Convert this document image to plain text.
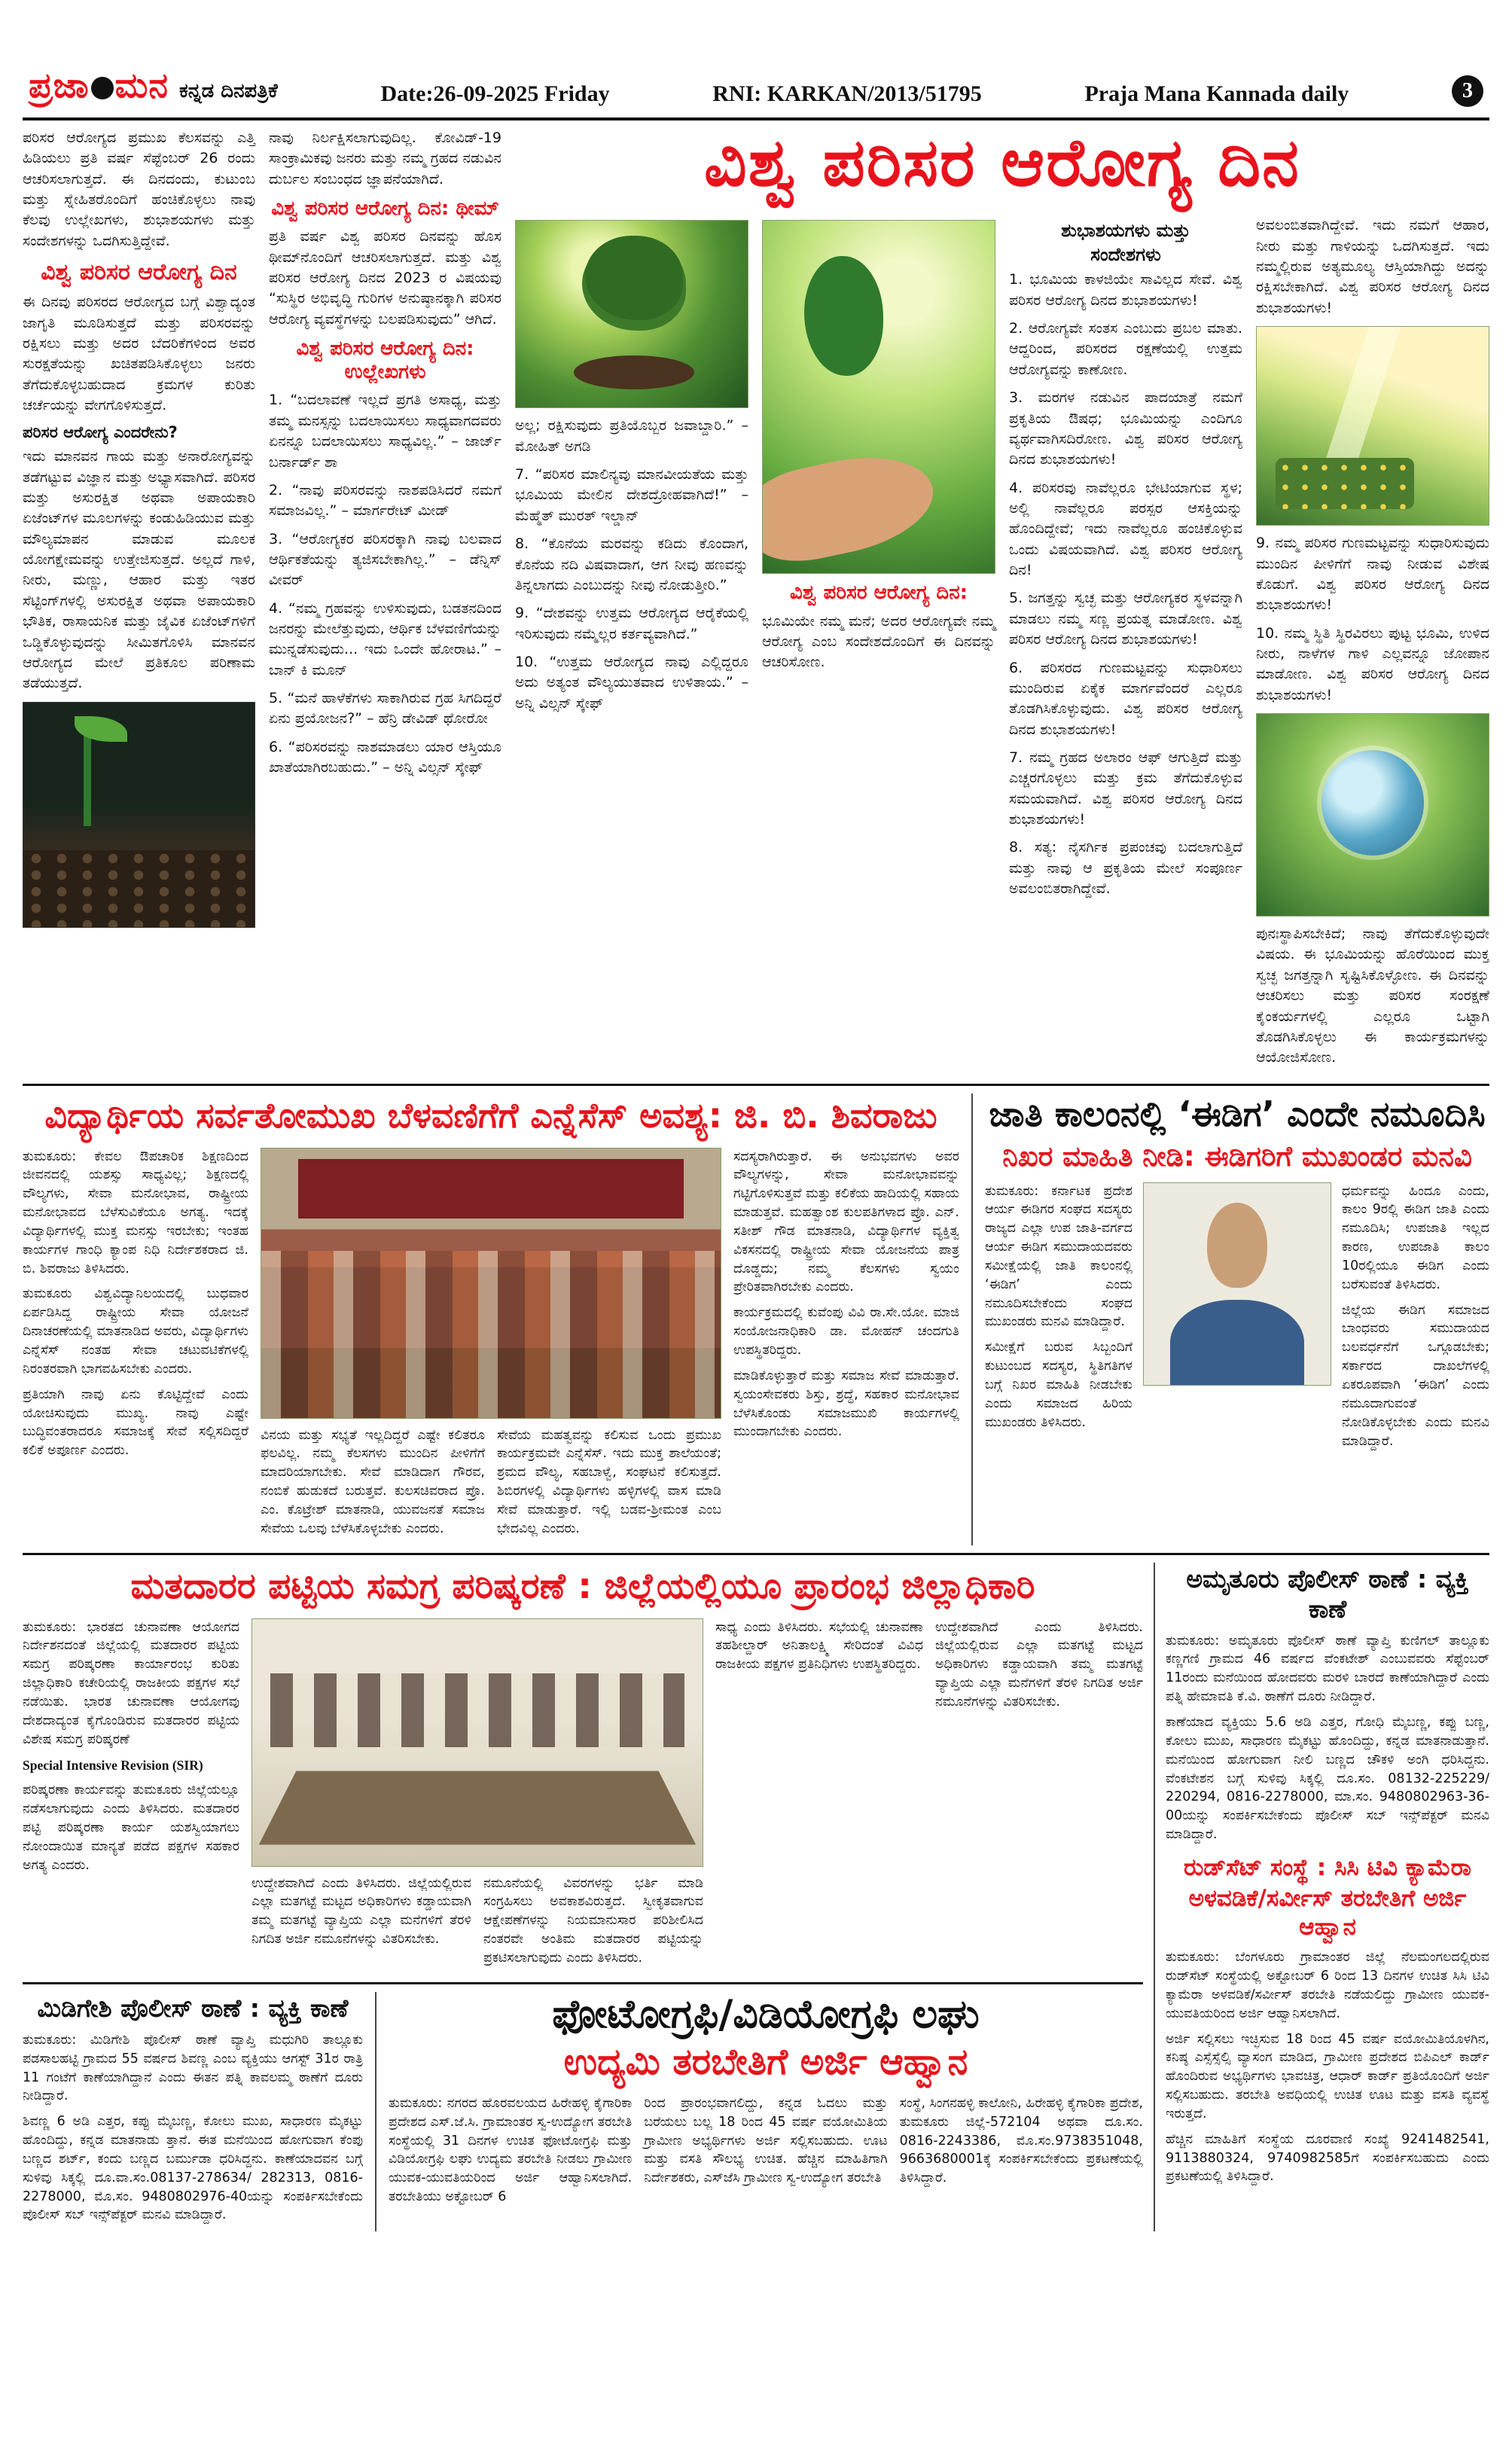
ಪ್ರಜಾ ಮನ ಕನ್ನಡ ದಿನಪತ್ರಿಕೆ	Date:26-09-2025 Friday	RNI: KARKAN/2013/51795	Praja Mana Kannada daily	3

ಪರಿಸರ ಆರೋಗ್ಯದ ಪ್ರಮುಖ ಕೆಲಸವನ್ನು ಎತ್ತಿ ಹಿಡಿಯಲು ಪ್ರತಿ ವರ್ಷ ಸೆಪ್ಟೆಂಬರ್ 26 ರಂದು ಆಚರಿಸಲಾಗುತ್ತದೆ. ಈ ದಿನದಂದು, ಕುಟುಂಬ ಮತ್ತು ಸ್ನೇಹಿತರೊಂದಿಗೆ ಹಂಚಿಕೊಳ್ಳಲು ನಾವು ಕೆಲವು ಉಲ್ಲೇಖಗಳು, ಶುಭಾಶಯಗಳು ಮತ್ತು ಸಂದೇಶಗಳನ್ನು ಒದಗಿಸುತ್ತಿದ್ದೇವೆ.

ವಿಶ್ವ ಪರಿಸರ ಆರೋಗ್ಯ ದಿನ

ಈ ದಿನವು ಪರಿಸರದ ಆರೋಗ್ಯದ ಬಗ್ಗೆ ವಿಶ್ವಾದ್ಯಂತ ಜಾಗೃತಿ ಮೂಡಿಸುತ್ತದೆ ಮತ್ತು ಪರಿಸರವನ್ನು ರಕ್ಷಿಸಲು ಮತ್ತು ಅದರ ಬೆದರಿಕೆಗಳಿಂದ ಅವರ ಸುರಕ್ಷತೆಯನ್ನು ಖಚಿತಪಡಿಸಿಕೊಳ್ಳಲು ಜನರು ತೆಗೆದುಕೊಳ್ಳಬಹುದಾದ ಕ್ರಮಗಳ ಕುರಿತು ಚರ್ಚೆಯನ್ನು ವೇಗಗೊಳಿಸುತ್ತದೆ.

ಪರಿಸರ ಆರೋಗ್ಯ ಎಂದರೇನು?

ಇದು ಮಾನವನ ಗಾಯ ಮತ್ತು ಅನಾರೋಗ್ಯವನ್ನು ತಡೆಗಟ್ಟುವ ವಿಜ್ಞಾನ ಮತ್ತು ಅಭ್ಯಾಸವಾಗಿದೆ. ಪರಿಸರ ಮತ್ತು ಅಸುರಕ್ಷಿತ ಅಥವಾ ಅಪಾಯಕಾರಿ ಏಜೆಂಟ್‌ಗಳ ಮೂಲಗಳನ್ನು ಕಂಡುಹಿಡಿಯುವ ಮತ್ತು ಮೌಲ್ಯಮಾಪನ ಮಾಡುವ ಮೂಲಕ ಯೋಗಕ್ಷೇಮವನ್ನು ಉತ್ತೇಜಿಸುತ್ತದೆ. ಅಲ್ಲದೆ ಗಾಳಿ, ನೀರು, ಮಣ್ಣು, ಆಹಾರ ಮತ್ತು ಇತರ ಸೆಟ್ಟಿಂಗ್‌ಗಳಲ್ಲಿ ಅಸುರಕ್ಷಿತ ಅಥವಾ ಅಪಾಯಕಾರಿ ಭೌತಿಕ, ರಾಸಾಯನಿಕ ಮತ್ತು ಜೈವಿಕ ಏಜೆಂಟ್‌ಗಳಿಗೆ ಒಡ್ಡಿಕೊಳ್ಳುವುದನ್ನು ಸೀಮಿತಗೊಳಿಸಿ ಮಾನವನ ಆರೋಗ್ಯದ ಮೇಲೆ ಪ್ರತಿಕೂಲ ಪರಿಣಾಮ ತಡೆಯುತ್ತದೆ.

ನಾವು ನಿರ್ಲಕ್ಷಿಸಲಾಗುವುದಿಲ್ಲ. ಕೋವಿಡ್-19 ಸಾಂಕ್ರಾಮಿಕವು ಜನರು ಮತ್ತು ನಮ್ಮ ಗ್ರಹದ ನಡುವಿನ ದುರ್ಬಲ ಸಂಬಂಧದ ಜ್ಞಾಪನೆಯಾಗಿದೆ.

ವಿಶ್ವ ಪರಿಸರ ಆರೋಗ್ಯ ದಿನ: ಥೀಮ್

ಪ್ರತಿ ವರ್ಷ ವಿಶ್ವ ಪರಿಸರ ದಿನವನ್ನು ಹೊಸ ಥೀಮ್‌ನೊಂದಿಗೆ ಆಚರಿಸಲಾಗುತ್ತದೆ. ಮತ್ತು ವಿಶ್ವ ಪರಿಸರ ಆರೋಗ್ಯ ದಿನದ 2023 ರ ವಿಷಯವು “ಸುಸ್ಥಿರ ಅಭಿವೃದ್ಧಿ ಗುರಿಗಳ ಅನುಷ್ಠಾನಕ್ಕಾಗಿ ಪರಿಸರ ಆರೋಗ್ಯ ವ್ಯವಸ್ಥೆಗಳನ್ನು ಬಲಪಡಿಸುವುದು” ಆಗಿದೆ.

ವಿಶ್ವ ಪರಿಸರ ಆರೋಗ್ಯ ದಿನ: ಉಲ್ಲೇಖಗಳು

1. “ಬದಲಾವಣೆ ಇಲ್ಲದೆ ಪ್ರಗತಿ ಅಸಾಧ್ಯ, ಮತ್ತು ತಮ್ಮ ಮನಸ್ಸನ್ನು ಬದಲಾಯಿಸಲು ಸಾಧ್ಯವಾಗದವರು ಏನನ್ನೂ ಬದಲಾಯಿಸಲು ಸಾಧ್ಯವಿಲ್ಲ.” – ಜಾರ್ಜ್ ಬರ್ನಾರ್ಡ್ ಶಾ

2. “ನಾವು ಪರಿಸರವನ್ನು ನಾಶಪಡಿಸಿದರೆ ನಮಗೆ ಸಮಾಜವಿಲ್ಲ.” – ಮಾರ್ಗರೇಟ್ ಮೀಡ್

3. “ಆರೋಗ್ಯಕರ ಪರಿಸರಕ್ಕಾಗಿ ನಾವು ಬಲವಾದ ಆರ್ಥಿಕತೆಯನ್ನು ತ್ಯಜಿಸಬೇಕಾಗಿಲ್ಲ.” – ಡೆನ್ನಿಸ್ ವೀವರ್

4. “ನಮ್ಮ ಗ್ರಹವನ್ನು ಉಳಿಸುವುದು, ಬಡತನದಿಂದ ಜನರನ್ನು ಮೇಲೆತ್ತುವುದು, ಆರ್ಥಿಕ ಬೆಳವಣಿಗೆಯನ್ನು ಮುನ್ನಡೆಸುವುದು... ಇದು ಒಂದೇ ಹೋರಾಟ.” – ಬಾನ್ ಕಿ ಮೂನ್

5. “ಮನೆ ಹಾಳೆಕೆಗಳು ಸಾಕಾಗಿರುವ ಗ್ರಹ ಸಿಗದಿದ್ದರೆ ಏನು ಪ್ರಯೋಜನ?” – ಹೆನ್ರಿ ಡೇವಿಡ್ ಥೋರೋ

6. “ಪರಿಸರವನ್ನು ನಾಶಮಾಡಲು ಯಾರ ಆಸ್ತಿಯೂ ಖಾತೆಯಾಗಿರಬಹುದು.” – ಅನ್ನಿ ವಿಲ್ಸನ್ ಸ್ಕೇಫ್

ವಿಶ್ವ ಪರಿಸರ ಆರೋಗ್ಯ ದಿನ

ಅಲ್ಲ; ರಕ್ಷಿಸುವುದು ಪ್ರತಿಯೊಬ್ಬರ ಜವಾಬ್ದಾರಿ.” – ಮೋಹಿತ್ ಅಗಡಿ

7. “ಪರಿಸರ ಮಾಲಿನ್ಯವು ಮಾನವೀಯತೆಯ ಮತ್ತು ಭೂಮಿಯ ಮೇಲಿನ ದೇಶದ್ರೋಹವಾಗಿದೆ!” – ಮೆಹ್ಮೆತ್ ಮುರತ್ ಇಲ್ಡಾನ್

8. “ಕೊನೆಯ ಮರವನ್ನು ಕಡಿದು ಕೊಂದಾಗ, ಕೊನೆಯ ನದಿ ವಿಷವಾದಾಗ, ಆಗ ನೀವು ಹಣವನ್ನು ತಿನ್ನಲಾಗದು ಎಂಬುದನ್ನು ನೀವು ನೋಡುತ್ತೀರಿ.”

9. “ದೇಶವನ್ನು ಉತ್ತಮ ಆರೋಗ್ಯದ ಆರೈಕೆಯಲ್ಲಿ ಇರಿಸುವುದು ನಮ್ಮೆಲ್ಲರ ಕರ್ತವ್ಯವಾಗಿದೆ.”

10. “ಉತ್ತಮ ಆರೋಗ್ಯದ ನಾವು ಎಲ್ಲಿದ್ದರೂ ಅದು ಅತ್ಯಂತ ವೌಲ್ಯಯುತವಾದ ಉಳಿತಾಯ.” – ಅನ್ನಿ ವಿಲ್ಸನ್ ಸ್ಕೇಫ್

ವಿಶ್ವ ಪರಿಸರ ಆರೋಗ್ಯ ದಿನ:

ಭೂಮಿಯೇ ನಮ್ಮ ಮನೆ; ಅದರ ಆರೋಗ್ಯವೇ ನಮ್ಮ ಆರೋಗ್ಯ ಎಂಬ ಸಂದೇಶದೊಂದಿಗೆ ಈ ದಿನವನ್ನು ಆಚರಿಸೋಣ.

ಶುಭಾಶಯಗಳು ಮತ್ತು
ಸಂದೇಶಗಳು

1. ಭೂಮಿಯ ಕಾಳಜಿಯೇ ಸಾವಿಲ್ಲದ ಸೇವೆ. ವಿಶ್ವ ಪರಿಸರ ಆರೋಗ್ಯ ದಿನದ ಶುಭಾಶಯಗಳು!

2. ಆರೋಗ್ಯವೇ ಸಂತಸ ಎಂಬುದು ಪ್ರಬಲ ಮಾತು. ಆದ್ದರಿಂದ, ಪರಿಸರದ ರಕ್ಷಣೆಯಲ್ಲಿ ಉತ್ತಮ ಆರೋಗ್ಯವನ್ನು ಕಾಣೋಣ.

3. ಮರಗಳ ನಡುವಿನ ಪಾದಯಾತ್ರೆ ನಮಗೆ ಪ್ರಕೃತಿಯ ಔಷಧ; ಭೂಮಿಯನ್ನು ಎಂದಿಗೂ ವ್ಯರ್ಥವಾಗಿಸದಿರೋಣ. ವಿಶ್ವ ಪರಿಸರ ಆರೋಗ್ಯ ದಿನದ ಶುಭಾಶಯಗಳು!

4. ಪರಿಸರವು ನಾವೆಲ್ಲರೂ ಭೇಟಿಯಾಗುವ ಸ್ಥಳ; ಅಲ್ಲಿ ನಾವೆಲ್ಲರೂ ಪರಸ್ಪರ ಆಸಕ್ತಿಯನ್ನು ಹೊಂದಿದ್ದೇವೆ; ಇದು ನಾವೆಲ್ಲರೂ ಹಂಚಿಕೊಳ್ಳುವ ಒಂದು ವಿಷಯವಾಗಿದೆ. ವಿಶ್ವ ಪರಿಸರ ಆರೋಗ್ಯ ದಿನ!

5. ಜಗತ್ತನ್ನು ಸ್ವಚ್ಛ ಮತ್ತು ಆರೋಗ್ಯಕರ ಸ್ಥಳವನ್ನಾಗಿ ಮಾಡಲು ನಮ್ಮ ಸಣ್ಣ ಪ್ರಯತ್ನ ಮಾಡೋಣ. ವಿಶ್ವ ಪರಿಸರ ಆರೋಗ್ಯ ದಿನದ ಶುಭಾಶಯಗಳು!

6. ಪರಿಸರದ ಗುಣಮಟ್ಟವನ್ನು ಸುಧಾರಿಸಲು ಮುಂದಿರುವ ಏಕೈಕ ಮಾರ್ಗವೆಂದರೆ ಎಲ್ಲರೂ ತೊಡಗಿಸಿಕೊಳ್ಳುವುದು. ವಿಶ್ವ ಪರಿಸರ ಆರೋಗ್ಯ ದಿನದ ಶುಭಾಶಯಗಳು!

7. ನಮ್ಮ ಗ್ರಹದ ಅಲಾರಂ ಆಫ್ ಆಗುತ್ತಿದೆ ಮತ್ತು ಎಚ್ಚರಗೊಳ್ಳಲು ಮತ್ತು ಕ್ರಮ ತೆಗೆದುಕೊಳ್ಳುವ ಸಮಯವಾಗಿದೆ. ವಿಶ್ವ ಪರಿಸರ ಆರೋಗ್ಯ ದಿನದ ಶುಭಾಶಯಗಳು!

8. ಸತ್ಯ: ನೈಸರ್ಗಿಕ ಪ್ರಪಂಚವು ಬದಲಾಗುತ್ತಿದೆ ಮತ್ತು ನಾವು ಆ ಪ್ರಕೃತಿಯ ಮೇಲೆ ಸಂಪೂರ್ಣ ಅವಲಂಬಿತರಾಗಿದ್ದೇವೆ.

ಅವಲಂಬಿತವಾಗಿದ್ದೇವೆ. ಇದು ನಮಗೆ ಆಹಾರ, ನೀರು ಮತ್ತು ಗಾಳಿಯನ್ನು ಒದಗಿಸುತ್ತದೆ. ಇದು ನಮ್ಮಲ್ಲಿರುವ ಅತ್ಯಮೂಲ್ಯ ಆಸ್ತಿಯಾಗಿದ್ದು ಅದನ್ನು ರಕ್ಷಿಸಬೇಕಾಗಿದೆ. ವಿಶ್ವ ಪರಿಸರ ಆರೋಗ್ಯ ದಿನದ ಶುಭಾಶಯಗಳು!

9. ನಮ್ಮ ಪರಿಸರ ಗುಣಮಟ್ಟವನ್ನು ಸುಧಾರಿಸುವುದು ಮುಂದಿನ ಪೀಳಿಗೆಗೆ ನಾವು ನೀಡುವ ವಿಶೇಷ ಕೊಡುಗೆ. ವಿಶ್ವ ಪರಿಸರ ಆರೋಗ್ಯ ದಿನದ ಶುಭಾಶಯಗಳು!

10. ನಮ್ಮ ಸ್ಥಿತಿ ಸ್ಥಿರವಿರಲು ಪುಟ್ಟ ಭೂಮಿ, ಉಳಿದ ನೀರು, ನಾಳೆಗಳ ಗಾಳಿ ಎಲ್ಲವನ್ನೂ ಜೋಪಾನ ಮಾಡೋಣ. ವಿಶ್ವ ಪರಿಸರ ಆರೋಗ್ಯ ದಿನದ ಶುಭಾಶಯಗಳು!

ಪುನಃಸ್ಥಾಪಿಸಬೇಕಿದೆ; ನಾವು ತೆಗೆದುಕೊಳ್ಳುವುದೇ ವಿಷಯ. ಈ ಭೂಮಿಯನ್ನು ಹೊರೆಯಿಂದ ಮುಕ್ತ ಸ್ವಚ್ಛ ಜಗತ್ತನ್ನಾಗಿ ಸೃಷ್ಟಿಸಿಕೊಳ್ಳೋಣ. ಈ ದಿನವನ್ನು ಆಚರಿಸಲು ಮತ್ತು ಪರಿಸರ ಸಂರಕ್ಷಣೆ ಕೈಂಕರ್ಯಗಳಲ್ಲಿ ಎಲ್ಲರೂ ಒಟ್ಟಾಗಿ ತೊಡಗಿಸಿಕೊಳ್ಳಲು ಈ ಕಾರ್ಯಕ್ರಮಗಳನ್ನು ಆಯೋಜಿಸೋಣ.

ವಿದ್ಯಾರ್ಥಿಯ ಸರ್ವತೋಮುಖ ಬೆಳವಣಿಗೆಗೆ ಎನ್ನೆಸೆಸ್ ಅವಶ್ಯ: ಜಿ. ಬಿ. ಶಿವರಾಜು

ತುಮಕೂರು: ಕೇವಲ ಔಪಚಾರಿಕ ಶಿಕ್ಷಣದಿಂದ ಜೀವನದಲ್ಲಿ ಯಶಸ್ಸು ಸಾಧ್ಯವಿಲ್ಲ; ಶಿಕ್ಷಣದಲ್ಲಿ ವೌಲ್ಯಗಳು, ಸೇವಾ ಮನೋಭಾವ, ರಾಷ್ಟ್ರೀಯ ಮನೋಭಾವದ ಬೆಳೆಸುವಿಕೆಯೂ ಅಗತ್ಯ. ಇದಕ್ಕೆ ವಿದ್ಯಾರ್ಥಿಗಳಲ್ಲಿ ಮುಕ್ತ ಮನಸ್ಸು ಇರಬೇಕು; ಇಂತಹ ಕಾರ್ಯಗಳ ಗಾಂಧಿ ಕ್ಯಾಂಪ ನಿಧಿ ನಿರ್ದೇಶಕರಾದ ಜಿ. ಬಿ. ಶಿವರಾಜು ತಿಳಿಸಿದರು.

ತುಮಕೂರು ವಿಶ್ವವಿದ್ಯಾನಿಲಯದಲ್ಲಿ ಬುಧವಾರ ಏರ್ಪಡಿಸಿದ್ದ ರಾಷ್ಟ್ರೀಯ ಸೇವಾ ಯೋಜನೆ ದಿನಾಚರಣೆಯಲ್ಲಿ ಮಾತನಾಡಿದ ಅವರು, ವಿದ್ಯಾರ್ಥಿಗಳು ಎನ್ನೆಸೆಸ್ ನಂತಹ ಸೇವಾ ಚಟುವಟಿಕೆಗಳಲ್ಲಿ ನಿರಂತರವಾಗಿ ಭಾಗವಹಿಸಬೇಕು ಎಂದರು.

ಪ್ರತಿಯಾಗಿ ನಾವು ಏನು ಕೊಟ್ಟಿದ್ದೇವೆ ಎಂದು ಯೋಚಿಸುವುದು ಮುಖ್ಯ. ನಾವು ಎಷ್ಟೇ ಬುದ್ಧಿವಂತರಾದರೂ ಸಮಾಜಕ್ಕೆ ಸೇವೆ ಸಲ್ಲಿಸದಿದ್ದರೆ ಕಲಿಕೆ ಅಪೂರ್ಣ ಎಂದರು.

ವಿನಯ ಮತ್ತು ಸಭ್ಯತೆ ಇಲ್ಲದಿದ್ದರೆ ಎಷ್ಟೇ ಕಲಿತರೂ ಫಲವಿಲ್ಲ. ನಮ್ಮ ಕೆಲಸಗಳು ಮುಂದಿನ ಪೀಳಿಗೆಗೆ ಮಾದರಿಯಾಗಬೇಕು. ಸೇವೆ ಮಾಡಿದಾಗ ಗೌರವ, ನಂಬಿಕೆ ಹುಡುಕದೆ ಬರುತ್ತವೆ. ಕುಲಸಚಿವರಾದ ಪ್ರೊ. ಎಂ. ಕೊಟ್ರೇಶ್ ಮಾತನಾಡಿ, ಯುವಜನತೆ ಸಮಾಜ ಸೇವೆಯ ಒಲವು ಬೆಳೆಸಿಕೊಳ್ಳಬೇಕು ಎಂದರು.

ಸೇವೆಯ ಮಹತ್ವವನ್ನು ಕಲಿಸುವ ಒಂದು ಪ್ರಮುಖ ಕಾರ್ಯಕ್ರಮವೇ ಎನ್ನೆಸೆಸ್. ಇದು ಮುಕ್ತ ಶಾಲೆಯಂತೆ; ಶ್ರಮದ ವೌಲ್ಯ, ಸಹಬಾಳ್ವೆ, ಸಂಘಟನೆ ಕಲಿಸುತ್ತದೆ. ಶಿಬಿರಗಳಲ್ಲಿ ವಿದ್ಯಾರ್ಥಿಗಳು ಹಳ್ಳಿಗಳಲ್ಲಿ ವಾಸ ಮಾಡಿ ಸೇವೆ ಮಾಡುತ್ತಾರೆ. ಇಲ್ಲಿ ಬಡವ-ಶ್ರೀಮಂತ ಎಂಬ ಭೇದವಿಲ್ಲ ಎಂದರು.

ಸದಸ್ಯರಾಗಿರುತ್ತಾರೆ. ಈ ಅನುಭವಗಳು ಅವರ ವೌಲ್ಯಗಳನ್ನು, ಸೇವಾ ಮನೋಭಾವವನ್ನು ಗಟ್ಟಿಗೊಳಿಸುತ್ತವೆ ಮತ್ತು ಕಲಿಕೆಯ ಹಾದಿಯಲ್ಲಿ ಸಹಾಯ ಮಾಡುತ್ತವೆ. ಮಹತ್ವಾಂಶ ಕುಲಪತಿಗಳಾದ ಪ್ರೊ. ಎನ್. ಸತೀಶ್ ಗೌಡ ಮಾತನಾಡಿ, ವಿದ್ಯಾರ್ಥಿಗಳ ವ್ಯಕ್ತಿತ್ವ ವಿಕಸನದಲ್ಲಿ ರಾಷ್ಟ್ರೀಯ ಸೇವಾ ಯೋಜನೆಯ ಪಾತ್ರ ದೊಡ್ಡದು; ನಮ್ಮ ಕೆಲಸಗಳು ಸ್ವಯಂ ಪ್ರೇರಿತವಾಗಿರಬೇಕು ಎಂದರು.

ಕಾರ್ಯಕ್ರಮದಲ್ಲಿ ಕುವೆಂಪು ವಿವಿ ರಾ.ಸೇ.ಯೋ. ಮಾಜಿ ಸಂಯೋಜನಾಧಿಕಾರಿ ಡಾ. ಮೋಹನ್ ಚಂದಗುತಿ ಉಪಸ್ಥಿತರಿದ್ದರು.

ಮಾಡಿಕೊಳ್ಳುತ್ತಾರೆ ಮತ್ತು ಸಮಾಜ ಸೇವೆ ಮಾಡುತ್ತಾರೆ. ಸ್ವಯಂಸೇವಕರು ಶಿಸ್ತು, ಶ್ರದ್ಧೆ, ಸಹಕಾರ ಮನೋಭಾವ ಬೆಳೆಸಿಕೊಂಡು ಸಮಾಜಮುಖಿ ಕಾರ್ಯಗಳಲ್ಲಿ ಮುಂದಾಗಬೇಕು ಎಂದರು.

ಜಾತಿ ಕಾಲಂನಲ್ಲಿ ‘ಈಡಿಗ’ ಎಂದೇ ನಮೂದಿಸಿ
ನಿಖರ ಮಾಹಿತಿ ನೀಡಿ: ಈಡಿಗರಿಗೆ ಮುಖಂಡರ ಮನವಿ

ತುಮಕೂರು: ಕರ್ನಾಟಕ ಪ್ರದೇಶ ಆರ್ಯ ಈಡಿಗರ ಸಂಘದ ಸದಸ್ಯರು ರಾಜ್ಯದ ಎಲ್ಲಾ ಉಪ ಜಾತಿ-ವರ್ಗದ ಆರ್ಯ ಈಡಿಗ ಸಮುದಾಯದವರು ಸಮೀಕ್ಷೆಯಲ್ಲಿ ಜಾತಿ ಕಾಲಂನಲ್ಲಿ ‘ಈಡಿಗ’ ಎಂದು ನಮೂದಿಸಬೇಕೆಂದು ಸಂಘದ ಮುಖಂಡರು ಮನವಿ ಮಾಡಿದ್ದಾರೆ.

ಸಮೀಕ್ಷೆಗೆ ಬರುವ ಸಿಬ್ಬಂದಿಗೆ ಕುಟುಂಬದ ಸದಸ್ಯರ, ಸ್ಥಿತಿಗತಿಗಳ ಬಗ್ಗೆ ನಿಖರ ಮಾಹಿತಿ ನೀಡಬೇಕು ಎಂದು ಸಮಾಜದ ಹಿರಿಯ ಮುಖಂಡರು ತಿಳಿಸಿದರು.

ಧರ್ಮವನ್ನು ಹಿಂದೂ ಎಂದು, ಕಾಲಂ 9ರಲ್ಲಿ ಈಡಿಗ ಜಾತಿ ಎಂದು ನಮೂದಿಸಿ; ಉಪಜಾತಿ ಇಲ್ಲದ ಕಾರಣ, ಉಪಜಾತಿ ಕಾಲಂ 10ರಲ್ಲಿಯೂ ಈಡಿಗ ಎಂದು ಬರೆಸುವಂತೆ ತಿಳಿಸಿದರು.

ಜಿಲ್ಲೆಯ ಈಡಿಗ ಸಮಾಜದ ಬಾಂಧವರು ಸಮುದಾಯದ ಬಲವರ್ಧನೆಗೆ ಒಗ್ಗೂಡಬೇಕು; ಸರ್ಕಾರದ ದಾಖಲೆಗಳಲ್ಲಿ ಏಕರೂಪವಾಗಿ ‘ಈಡಿಗ’ ಎಂದು ನಮೂದಾಗುವಂತೆ ನೋಡಿಕೊಳ್ಳಬೇಕು ಎಂದು ಮನವಿ ಮಾಡಿದ್ದಾರೆ.

ಮತದಾರರ ಪಟ್ಟಿಯ ಸಮಗ್ರ ಪರಿಷ್ಕರಣೆ : ಜಿಲ್ಲೆಯಲ್ಲಿಯೂ ಪ್ರಾರಂಭ ಜಿಲ್ಲಾಧಿಕಾರಿ

ತುಮಕೂರು: ಭಾರತದ ಚುನಾವಣಾ ಆಯೋಗದ ನಿರ್ದೇಶನದಂತೆ ಜಿಲ್ಲೆಯಲ್ಲಿ ಮತದಾರರ ಪಟ್ಟಿಯ ಸಮಗ್ರ ಪರಿಷ್ಕರಣಾ ಕಾರ್ಯಾರಂಭ ಕುರಿತು ಜಿಲ್ಲಾಧಿಕಾರಿ ಕಚೇರಿಯಲ್ಲಿ ರಾಜಕೀಯ ಪಕ್ಷಗಳ ಸಭೆ ನಡೆಯಿತು. ಭಾರತ ಚುನಾವಣಾ ಆಯೋಗವು ದೇಶದಾದ್ಯಂತ ಕೈಗೊಂಡಿರುವ ಮತದಾರರ ಪಟ್ಟಿಯ ವಿಶೇಷ ಸಮಗ್ರ ಪರಿಷ್ಕರಣೆ

Special Intensive Revision (SIR)

ಪರಿಷ್ಕರಣಾ ಕಾರ್ಯವನ್ನು ತುಮಕೂರು ಜಿಲ್ಲೆಯಲ್ಲೂ ನಡೆಸಲಾಗುವುದು ಎಂದು ತಿಳಿಸಿದರು. ಮತದಾರರ ಪಟ್ಟಿ ಪರಿಷ್ಕರಣಾ ಕಾರ್ಯ ಯಶಸ್ವಿಯಾಗಲು ನೋಂದಾಯಿತ ಮಾನ್ಯತೆ ಪಡೆದ ಪಕ್ಷಗಳ ಸಹಕಾರ ಅಗತ್ಯ ಎಂದರು.

ಉದ್ದೇಶವಾಗಿದೆ ಎಂದು ತಿಳಿಸಿದರು. ಜಿಲ್ಲೆಯಲ್ಲಿರುವ ಎಲ್ಲಾ ಮತಗಟ್ಟೆ ಮಟ್ಟದ ಅಧಿಕಾರಿಗಳು ಕಡ್ಡಾಯವಾಗಿ ತಮ್ಮ ಮತಗಟ್ಟೆ ವ್ಯಾಪ್ತಿಯ ಎಲ್ಲಾ ಮನೆಗಳಿಗೆ ತೆರಳಿ ನಿಗದಿತ ಅರ್ಜಿ ನಮೂನೆಗಳನ್ನು ವಿತರಿಸಬೇಕು.

ನಮೂನೆಯಲ್ಲಿ ವಿವರಗಳನ್ನು ಭರ್ತಿ ಮಾಡಿ ಸಂಗ್ರಹಿಸಲು ಅವಕಾಶವಿರುತ್ತದೆ. ಸ್ವೀಕೃತವಾಗುವ ಆಕ್ಷೇಪಣೆಗಳನ್ನು ನಿಯಮಾನುಸಾರ ಪರಿಶೀಲಿಸಿದ ನಂತರವೇ ಅಂತಿಮ ಮತದಾರರ ಪಟ್ಟಿಯನ್ನು ಪ್ರಕಟಿಸಲಾಗುವುದು ಎಂದು ತಿಳಿಸಿದರು.

ಸಾಧ್ಯ ಎಂದು ತಿಳಿಸಿದರು. ಸಭೆಯಲ್ಲಿ ಚುನಾವಣಾ ತಹಶೀಲ್ದಾರ್ ಅನಿತಾಲಕ್ಷ್ಮಿ ಸೇರಿದಂತೆ ವಿವಿಧ ರಾಜಕೀಯ ಪಕ್ಷಗಳ ಪ್ರತಿನಿಧಿಗಳು ಉಪಸ್ಥಿತರಿದ್ದರು.

ಉದ್ದೇಶವಾಗಿದೆ ಎಂದು ತಿಳಿಸಿದರು. ಜಿಲ್ಲೆಯಲ್ಲಿರುವ ಎಲ್ಲಾ ಮತಗಟ್ಟೆ ಮಟ್ಟದ ಅಧಿಕಾರಿಗಳು ಕಡ್ಡಾಯವಾಗಿ ತಮ್ಮ ಮತಗಟ್ಟೆ ವ್ಯಾಪ್ತಿಯ ಎಲ್ಲಾ ಮನೆಗಳಿಗೆ ತೆರಳಿ ನಿಗದಿತ ಅರ್ಜಿ ನಮೂನೆಗಳನ್ನು ವಿತರಿಸಬೇಕು.

ಮಿಡಿಗೇಶಿ ಪೊಲೀಸ್ ಠಾಣೆ : ವ್ಯಕ್ತಿ ಕಾಣೆ

ತುಮಕೂರು: ಮಿಡಿಗೇಶಿ ಪೊಲೀಸ್ ಠಾಣೆ ವ್ಯಾಪ್ತಿ ಮಧುಗಿರಿ ತಾಲ್ಲೂಕು ಪಡಸಾಲಹಟ್ಟಿ ಗ್ರಾಮದ 55 ವರ್ಷದ ಶಿವಣ್ಣ ಎಂಬ ವ್ಯಕ್ತಿಯು ಆಗಸ್ಟ್ 31ರ ರಾತ್ರಿ 11 ಗಂಟೆಗೆ ಕಾಣೆಯಾಗಿದ್ದಾನೆ ಎಂದು ಈತನ ಪತ್ನಿ ಕಾವಲಮ್ಮ ಠಾಣೆಗೆ ದೂರು ನೀಡಿದ್ದಾರೆ.

ಶಿವಣ್ಣ 6 ಅಡಿ ಎತ್ತರ, ಕಪ್ಪು ಮೈಬಣ್ಣ, ಕೋಲು ಮುಖ, ಸಾಧಾರಣ ಮೈಕಟ್ಟು ಹೊಂದಿದ್ದು, ಕನ್ನಡ ಮಾತನಾಡು ತ್ತಾನೆ. ಈತ ಮನೆಯಿಂದ ಹೋಗುವಾಗ ಕೆಂಪು ಬಣ್ಣದ ಶರ್ಟ್, ಕಂದು ಬಣ್ಣದ ಬರ್ಮುಡಾ ಧರಿಸಿದ್ದನು. ಕಾಣೆಯಾದವನ ಬಗ್ಗೆ ಸುಳಿವು ಸಿಕ್ಕಲ್ಲಿ ದೂ.ವಾ.ಸಂ.08137-278634/ 282313, 0816-2278000, ಮೊ.ಸಂ. 9480802976-40ಯನ್ನು ಸಂಪರ್ಕಿಸಬೇಕೆಂದು ಪೊಲೀಸ್ ಸಬ್ ಇನ್ಸ್‌ಪೆಕ್ಟರ್ ಮನವಿ ಮಾಡಿದ್ದಾರೆ.

ಫೋಟೋಗ್ರಫಿ/ವಿಡಿಯೋಗ್ರಫಿ ಲಘು
ಉದ್ಯಮಿ ತರಬೇತಿಗೆ ಅರ್ಜಿ ಆಹ್ವಾನ

ತುಮಕೂರು: ನಗರದ ಹೊರವಲಯದ ಹಿರೇಹಳ್ಳಿ ಕೈಗಾರಿಕಾ ಪ್ರದೇಶದ ಎಸ್.ಜೆ.ಸಿ. ಗ್ರಾಮಾಂತರ ಸ್ವ-ಉದ್ಯೋಗ ತರಬೇತಿ ಸಂಸ್ಥೆಯಲ್ಲಿ 31 ದಿನಗಳ ಉಚಿತ ಫೋಟೋಗ್ರಫಿ ಮತ್ತು ವಿಡಿಯೋಗ್ರಫಿ ಲಘು ಉದ್ಯಮ ತರಬೇತಿ ನೀಡಲು ಗ್ರಾಮೀಣ ಯುವಕ-ಯುವತಿಯರಿಂದ ಅರ್ಜಿ ಆಹ್ವಾನಿಸಲಾಗಿದೆ. ತರಬೇತಿಯು ಅಕ್ಟೋಬರ್ 6

ರಿಂದ ಪ್ರಾರಂಭವಾಗಲಿದ್ದು, ಕನ್ನಡ ಓದಲು ಮತ್ತು ಬರೆಯಲು ಬಲ್ಲ 18 ರಿಂದ 45 ವರ್ಷ ವಯೋಮಿತಿಯ ಗ್ರಾಮೀಣ ಅಭ್ಯರ್ಥಿಗಳು ಅರ್ಜಿ ಸಲ್ಲಿಸಬಹುದು. ಊಟ ಮತ್ತು ವಸತಿ ಸೌಲಭ್ಯ ಉಚಿತ. ಹೆಚ್ಚಿನ ಮಾಹಿತಿಗಾಗಿ ನಿರ್ದೇಶಕರು, ಎಸ್‌ಜೆಸಿ ಗ್ರಾಮೀಣ ಸ್ವ-ಉದ್ಯೋಗ ತರಬೇತಿ

ಸಂಸ್ಥೆ, ಸಿಂಗನಹಳ್ಳಿ ಕಾಲೋನಿ, ಹಿರೇಹಳ್ಳಿ ಕೈಗಾರಿಕಾ ಪ್ರದೇಶ, ತುಮಕೂರು ಜಿಲ್ಲೆ-572104 ಅಥವಾ ದೂ.ಸಂ. 0816-2243386, ಮೊ.ಸಂ.9738351048, 9663680001ಕ್ಕೆ ಸಂಪರ್ಕಿಸಬೇಕೆಂದು ಪ್ರಕಟಣೆಯಲ್ಲಿ ತಿಳಿಸಿದ್ದಾರೆ.

ಅಮೃತೂರು ಪೊಲೀಸ್ ಠಾಣೆ : ವ್ಯಕ್ತಿ ಕಾಣೆ

ತುಮಕೂರು: ಅಮೃತೂರು ಪೊಲೀಸ್ ಠಾಣೆ ವ್ಯಾಪ್ತಿ ಕುಣಿಗಲ್ ತಾಲ್ಲೂಕು ಕಣ್ಣಗಣಿ ಗ್ರಾಮದ 46 ವರ್ಷದ ವೆಂಕಟೇಶ್ ಎಂಬುವವರು ಸೆಪ್ಟೆಂಬರ್ 11ರಂದು ಮನೆಯಿಂದ ಹೋದವರು ಮರಳಿ ಬಾರದೆ ಕಾಣೆಯಾಗಿದ್ದಾರೆ ಎಂದು ಪತ್ನಿ ಹೇಮಾವತಿ ಕೆ.ವಿ. ಠಾಣೆಗೆ ದೂರು ನೀಡಿದ್ದಾರೆ.

ಕಾಣೆಯಾದ ವ್ಯಕ್ತಿಯು 5.6 ಅಡಿ ಎತ್ತರ, ಗೋಧಿ ಮೈಬಣ್ಣ, ಕಪ್ಪು ಬಣ್ಣ, ಕೋಲು ಮುಖ, ಸಾಧಾರಣ ಮೈಕಟ್ಟು ಹೊಂದಿದ್ದು, ಕನ್ನಡ ಮಾತನಾಡುತ್ತಾನೆ. ಮನೆಯಿಂದ ಹೋಗುವಾಗ ನೀಲಿ ಬಣ್ಣದ ಚೌಕಳಿ ಅಂಗಿ ಧರಿಸಿದ್ದನು. ವೆಂಕಟೇಶನ ಬಗ್ಗೆ ಸುಳಿವು ಸಿಕ್ಕಲ್ಲಿ ದೂ.ಸಂ. 08132-225229/ 220294, 0816-2278000, ಮಾ.ಸಂ. 9480802963-36-00ಯನ್ನು ಸಂಪರ್ಕಿಸಬೇಕೆಂದು ಪೊಲೀಸ್ ಸಬ್ ಇನ್ಸ್‌ಪೆಕ್ಟರ್ ಮನವಿ ಮಾಡಿದ್ದಾರೆ.

ರುಡ್‌ಸೆಟ್ ಸಂಸ್ಥೆ : ಸಿಸಿ ಟಿವಿ ಕ್ಯಾಮೆರಾ
ಅಳವಡಿಕೆ/ಸರ್ವೀಸ್ ತರಬೇತಿಗೆ ಅರ್ಜಿ ಆಹ್ವಾನ

ತುಮಕೂರು: ಬೆಂಗಳೂರು ಗ್ರಾಮಾಂತರ ಜಿಲ್ಲೆ ನೆಲಮಂಗಲದಲ್ಲಿರುವ ರುಡ್‌ಸೆಟ್ ಸಂಸ್ಥೆಯಲ್ಲಿ ಅಕ್ಟೋಬರ್ 6 ರಿಂದ 13 ದಿನಗಳ ಉಚಿತ ಸಿಸಿ ಟಿವಿ ಕ್ಯಾಮೆರಾ ಅಳವಡಿಕೆ/ಸರ್ವೀಸ್ ತರಬೇತಿ ನಡೆಯಲಿದ್ದು ಗ್ರಾಮೀಣ ಯುವಕ-ಯುವತಿಯರಿಂದ ಅರ್ಜಿ ಆಹ್ವಾನಿಸಲಾಗಿದೆ.

ಅರ್ಜಿ ಸಲ್ಲಿಸಲು ಇಚ್ಛಿಸುವ 18 ರಿಂದ 45 ವರ್ಷ ವಯೋಮಿತಿಯೊಳಗಿನ, ಕನಿಷ್ಠ ಎಸ್ಸೆಸ್ಸೆಲ್ಸಿ ವ್ಯಾಸಂಗ ಮಾಡಿದ, ಗ್ರಾಮೀಣ ಪ್ರದೇಶದ ಬಿಪಿಎಲ್ ಕಾರ್ಡ್ ಹೊಂದಿರುವ ಅಭ್ಯರ್ಥಿಗಳು ಭಾವಚಿತ್ರ, ಆಧಾರ್ ಕಾರ್ಡ್ ಪ್ರತಿಯೊಂದಿಗೆ ಅರ್ಜಿ ಸಲ್ಲಿಸಬಹುದು. ತರಬೇತಿ ಅವಧಿಯಲ್ಲಿ ಉಚಿತ ಊಟ ಮತ್ತು ವಸತಿ ವ್ಯವಸ್ಥೆ ಇರುತ್ತದೆ.

ಹೆಚ್ಚಿನ ಮಾಹಿತಿಗೆ ಸಂಸ್ಥೆಯ ದೂರವಾಣಿ ಸಂಖ್ಯೆ 9241482541, 9113880324, 9740982585ಗೆ ಸಂಪರ್ಕಿಸಬಹುದು ಎಂದು ಪ್ರಕಟಣೆಯಲ್ಲಿ ತಿಳಿಸಿದ್ದಾರೆ.
